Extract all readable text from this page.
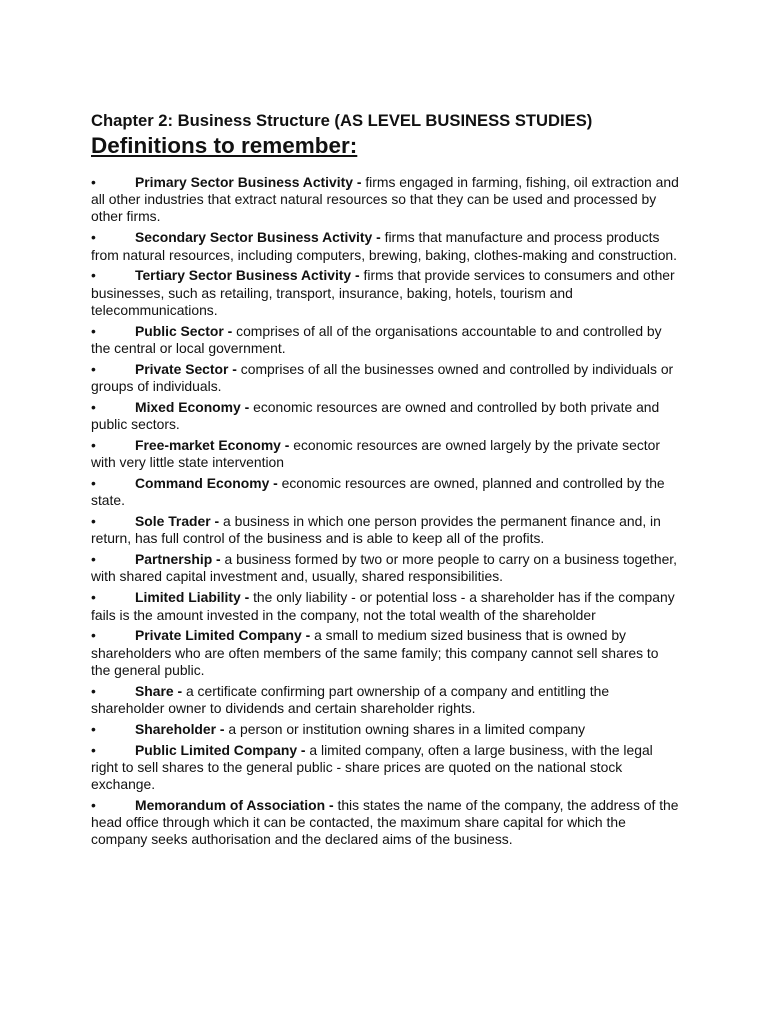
Chapter 2: Business Structure (AS LEVEL BUSINESS STUDIES)
Definitions to remember:
•	Primary Sector Business Activity - firms engaged in farming, fishing, oil extraction and all other industries that extract natural resources so that they can be used and processed by other firms.
•	Secondary Sector Business Activity - firms that manufacture and process products from natural resources, including computers, brewing, baking, clothes-making and construction.
•	Tertiary Sector Business Activity - firms that provide services to consumers and other businesses, such as retailing, transport, insurance, baking, hotels, tourism and telecommunications.
•	Public Sector - comprises of all of the organisations accountable to and controlled by the central or local government.
•	Private Sector - comprises of all the businesses owned and controlled by individuals or groups of individuals.
•	Mixed Economy - economic resources are owned and controlled by both private and public sectors.
•	Free-market Economy - economic resources are owned largely by the private sector with very little state intervention
•	Command Economy - economic resources are owned, planned and controlled by the state.
•	Sole Trader - a business in which one person provides the permanent finance and, in return, has full control of the business and is able to keep all of the profits.
•	Partnership - a business formed by two or more people to carry on a business together, with shared capital investment and, usually, shared responsibilities.
•	Limited Liability - the only liability - or potential loss - a shareholder has if the company fails is the amount invested in the company, not the total wealth of the shareholder
•	Private Limited Company - a small to medium sized business that is owned by shareholders who are often members of the same family; this company cannot sell shares to the general public.
•	Share - a certificate confirming part ownership of a company and entitling the shareholder owner to dividends and certain shareholder rights.
•	Shareholder - a person or institution owning shares in a limited company
•	Public Limited Company - a limited company, often a large business, with the legal right to sell shares to the general public - share prices are quoted on the national stock exchange.
•	Memorandum of Association - this states the name of the company, the address of the head office through which it can be contacted, the maximum share capital for which the company seeks authorisation and the declared aims of the business.
